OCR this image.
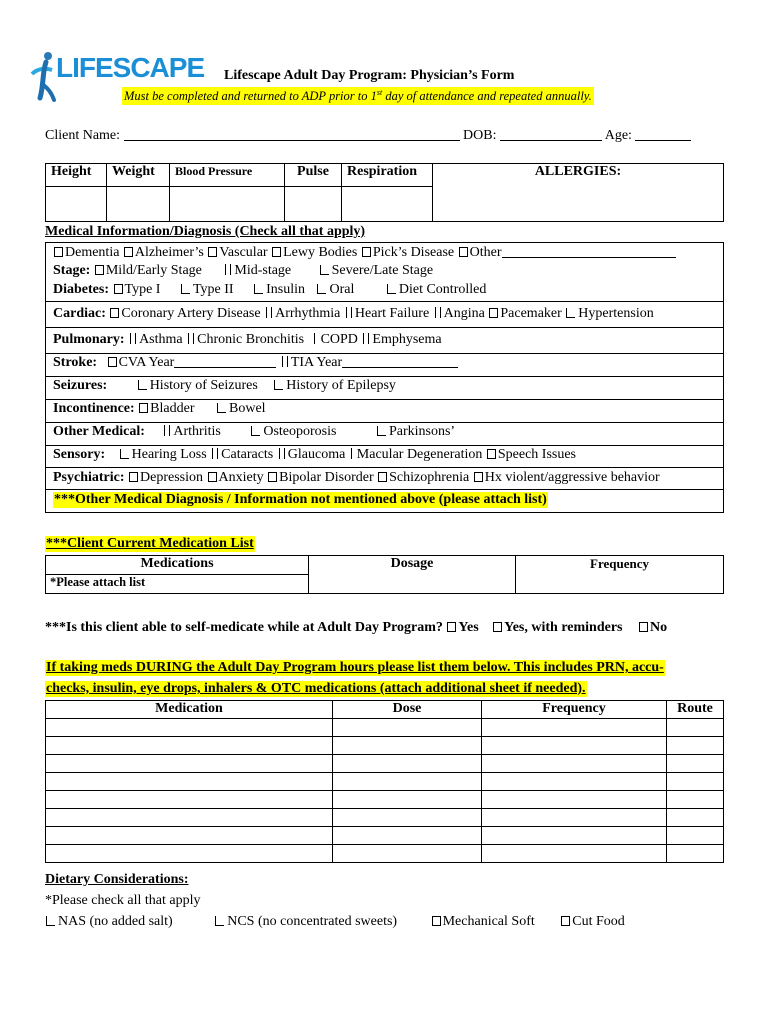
LIFESCAPE Lifescape Adult Day Program: Physician’s Form
Must be completed and returned to ADP prior to 1st day of attendance and repeated annually.
Client Name:	DOB:	Age:
Height	Weight	Blood Pressure	Pulse	Respiration	ALLERGIES:

Medical Information/Diagnosis (Check all that apply)
Dementia Alzheimer’s Vascular Lewy Bodies Pick’s Disease Other
Stage: Mild/Early Stage Mid-stage	Severe/Late Stage
Diabetes: Type I Type II Insulin Oral	Diet Controlled
Cardiac: Coronary Artery Disease Arrhythmia Heart Failure Angina Pacemaker Hypertension
Pulmonary: Asthma Chronic Bronchitis COPD Emphysema
Stroke: CVA Year	TIA Year
Seizures:	History of Seizures History of Epilepsy
Incontinence: Bladder Bowel
Other Medical: Arthritis	Osteoporosis	Parkinsons’
Sensory: Hearing Loss Cataracts Glaucoma Macular Degeneration Speech Issues
Psychiatric: Depression Anxiety Bipolar Disorder Schizophrenia Hx violent/aggressive behavior
***Other Medical Diagnosis / Information not mentioned above (please attach list)
***Client Current Medication List
Medications	Dosage	Frequency
*Please attach list
***Is this client able to self-medicate while at Adult Day Program? Yes Yes, with reminders No
If taking meds DURING the Adult Day Program hours please list them below. This includes PRN, accu-
checks, insulin, eye drops, inhalers & OTC medications (attach additional sheet if needed).
Medication	Dose	Frequency	Route

Dietary Considerations:
*Please check all that apply
NAS (no added salt)	NCS (no concentrated sweets)	Mechanical Soft	Cut Food
